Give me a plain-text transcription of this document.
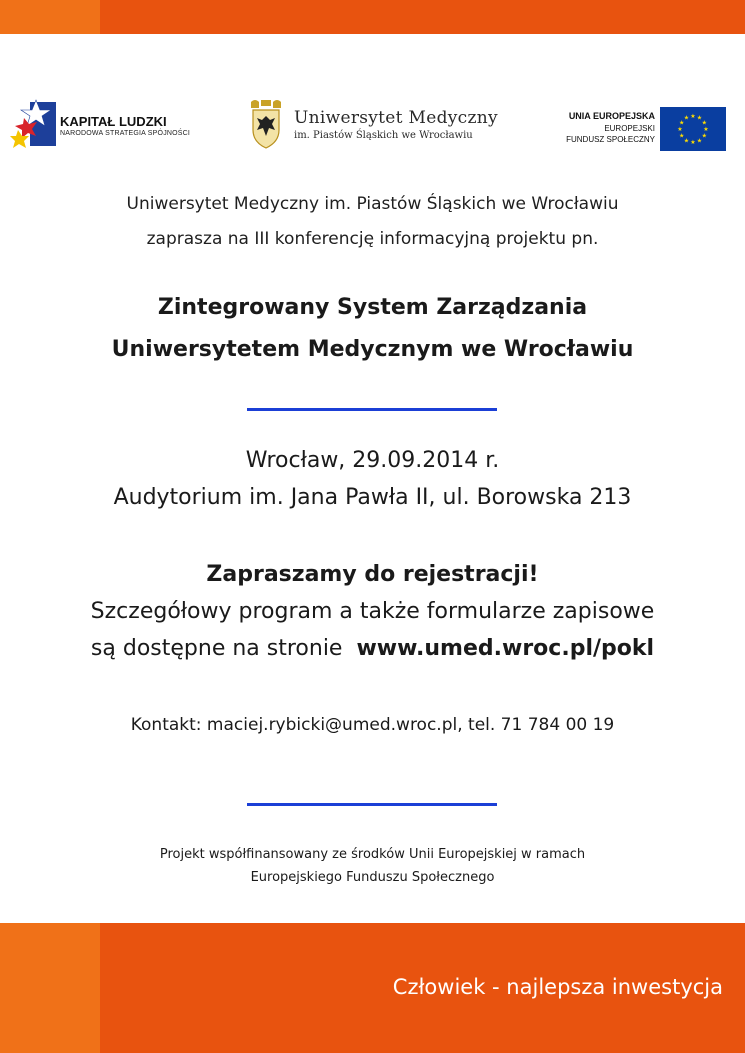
KAPITAŁ LUDZKI
NARODOWA STRATEGIA SPÓJNOŚCI
Uniwersytet Medyczny
im. Piastów Śląskich we Wrocławiu
UNIA EUROPEJSKA
EUROPEJSKI
FUNDUSZ SPOŁECZNY
★
★
★
★
★
★
★
★
★ ★ ★
★
Uniwersytet Medyczny im. Piastów Śląskich we Wrocławiu
zaprasza na III konferencję informacyjną projektu pn.
Zintegrowany System Zarządzania
Uniwersytetem Medycznym we Wrocławiu
Wrocław, 29.09.2014 r.
Audytorium im. Jana Pawła II, ul. Borowska 213
Zapraszamy do rejestracji!
Szczegółowy program a także formularze zapisowe
są dostępne na stronie www.umed.wroc.pl/pokl
Kontakt: maciej.rybicki@umed.wroc.pl, tel. 71 784 00 19
Projekt współfinansowany ze środków Unii Europejskiej w ramach
Europejskiego Funduszu Społecznego
Człowiek - najlepsza inwestycja
